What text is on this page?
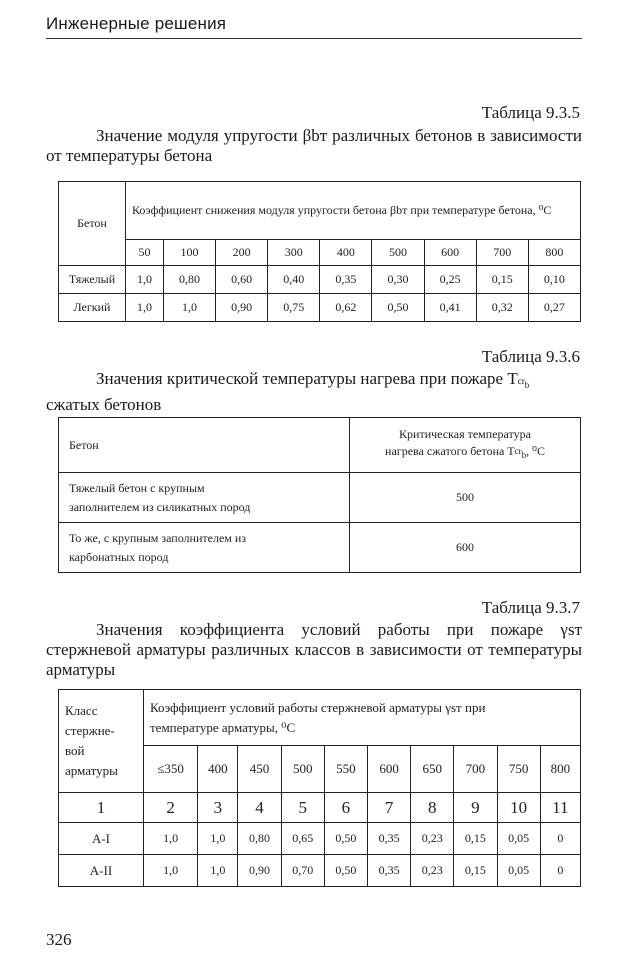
Инженерные решения
Таблица 9.3.5
Значение модуля упругости βbт различных бетонов в зависимости от температуры бетона
Бетон	Коэффициент снижения модуля упругости бетона βbт при температуре бетона, ⁰С								
	50	100	200	300	400	500	600	700	800
Тяжелый	1,0	0,80	0,60	0,40	0,35	0,30	0,25	0,15	0,10
Легкий	1,0	1,0	0,90	0,75	0,62	0,50	0,41	0,32	0,27
Таблица 9.3.6
Значения критической температуры нагрева при пожаре $T_{^{cr}b}$
сжатых бетонов
Бетон	Критическая температура
нагрева сжатого бетона $T_{^{cr}b}$, ⁰С
Тяжелый бетон с крупным
заполнителем из силикатных пород	500
То же, с крупным заполнителем из
карбонатных пород	600
Таблица 9.3.7
Значения коэффициента условий работы при пожаре γsт стержневой арматуры различных классов в зависимости от температуры арматуры
Класс
стержне-
вой
арматуры	Коэффициент условий работы стержневой арматуры γsт при
температуре арматуры, ⁰С									
	≤350	400	450	500	550	600	650	700	750	800
1	2	3	4	5	6	7	8	9	10	11
A-I	1,0	1,0	0,80	0,65	0,50	0,35	0,23	0,15	0,05	0
A-II	1,0	1,0	0,90	0,70	0,50	0,35	0,23	0,15	0,05	0
326
